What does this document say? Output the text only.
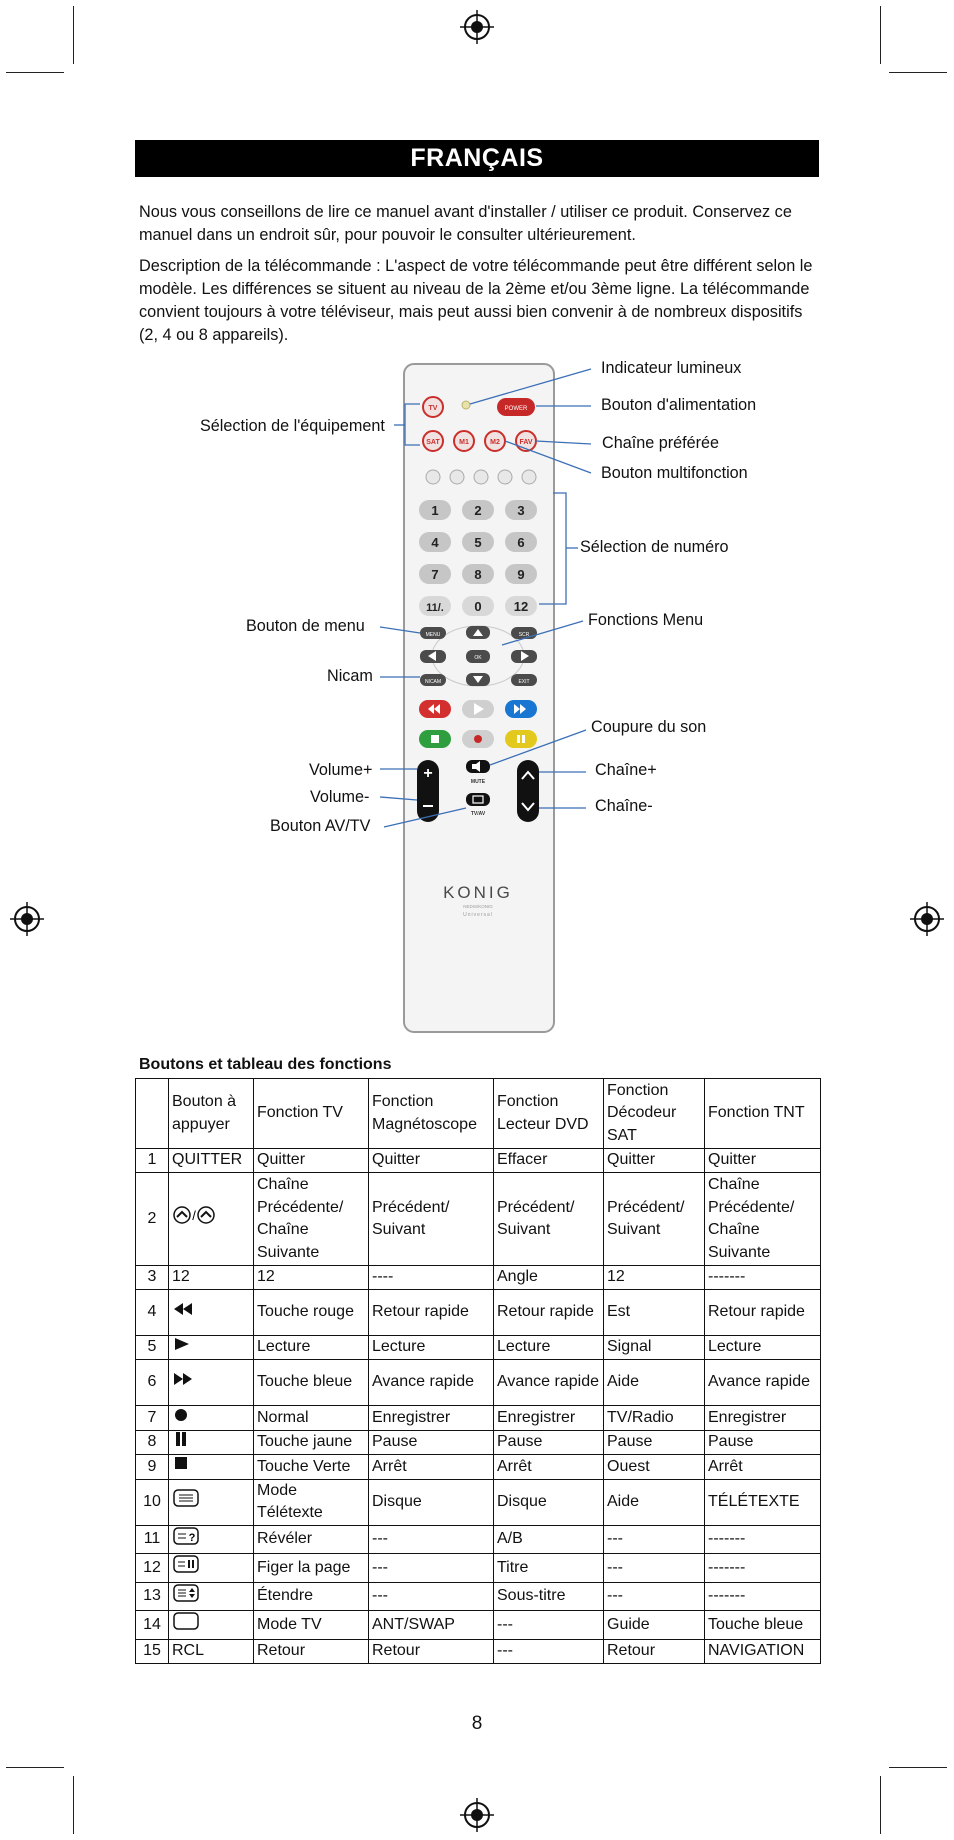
FRANÇAIS
Nous vous conseillons de lire ce manuel avant d'installer / utiliser ce produit. Conservez ce manuel dans un endroit sûr, pour pouvoir le consulter ultérieurement.
Description de la télécommande : L'aspect de votre télécommande peut être différent selon le modèle. Les différences se situent au niveau de la 2ème et/ou 3ème ligne. La télécommande convient toujours à votre téléviseur, mais peut aussi bien convenir à de nombreux dispositifs (2, 4 ou 8 appareils).
TV	POWER
SAT	M1	M2	FAV
1	2	3
4	5	6
7	8	9
11/. 0 12
MENU	SCR
OK
NICAM	EXIT
+	MUTE
TV/AV
KONIG
NEDIS/KONIG
Universal
Indicateur lumineux
Bouton d'alimentation
Sélection de l'équipement
Chaîne préférée
Bouton multifonction
Sélection de numéro
Bouton de menu	Fonctions Menu
Nicam
Coupure du son
Volume+	Chaîne+
Volume-	Chaîne-
Bouton AV/TV
Boutons et tableau des fonctions
	Bouton à appuyer	Fonction TV	Fonction Magnétoscope	Fonction Lecteur DVD	Fonction Décodeur SAT	Fonction TNT
1	QUITTER	Quitter	Quitter	Effacer	Quitter	Quitter
2	/	Chaîne Précédente/ Chaîne Suivante	Précédent/ Suivant	Précédent/ Suivant	Précédent/ Suivant	Chaîne Précédente/ Chaîne Suivante
3	12	12	----	Angle	12	-------
4		Touche rouge	Retour rapide	Retour rapide	Est	Retour rapide
5		Lecture	Lecture	Lecture	Signal	Lecture
6		Touche bleue	Avance rapide	Avance rapide	Aide	Avance rapide
7		Normal	Enregistrer	Enregistrer	TV/Radio	Enregistrer
8		Touche jaune	Pause	Pause	Pause	Pause
9		Touche Verte	Arrêt	Arrêt	Ouest	Arrêt
10		Mode Télétexte	Disque	Disque	Aide	TÉLÉTEXTE
11	?	Révéler	---	A/B	---	-------
12		Figer la page	---	Titre	---	-------
13		Étendre	---	Sous-titre	---	-------
14		Mode TV	ANT/SWAP	---	Guide	Touche bleue
15	RCL	Retour	Retour	---	Retour	NAVIGATION
8
